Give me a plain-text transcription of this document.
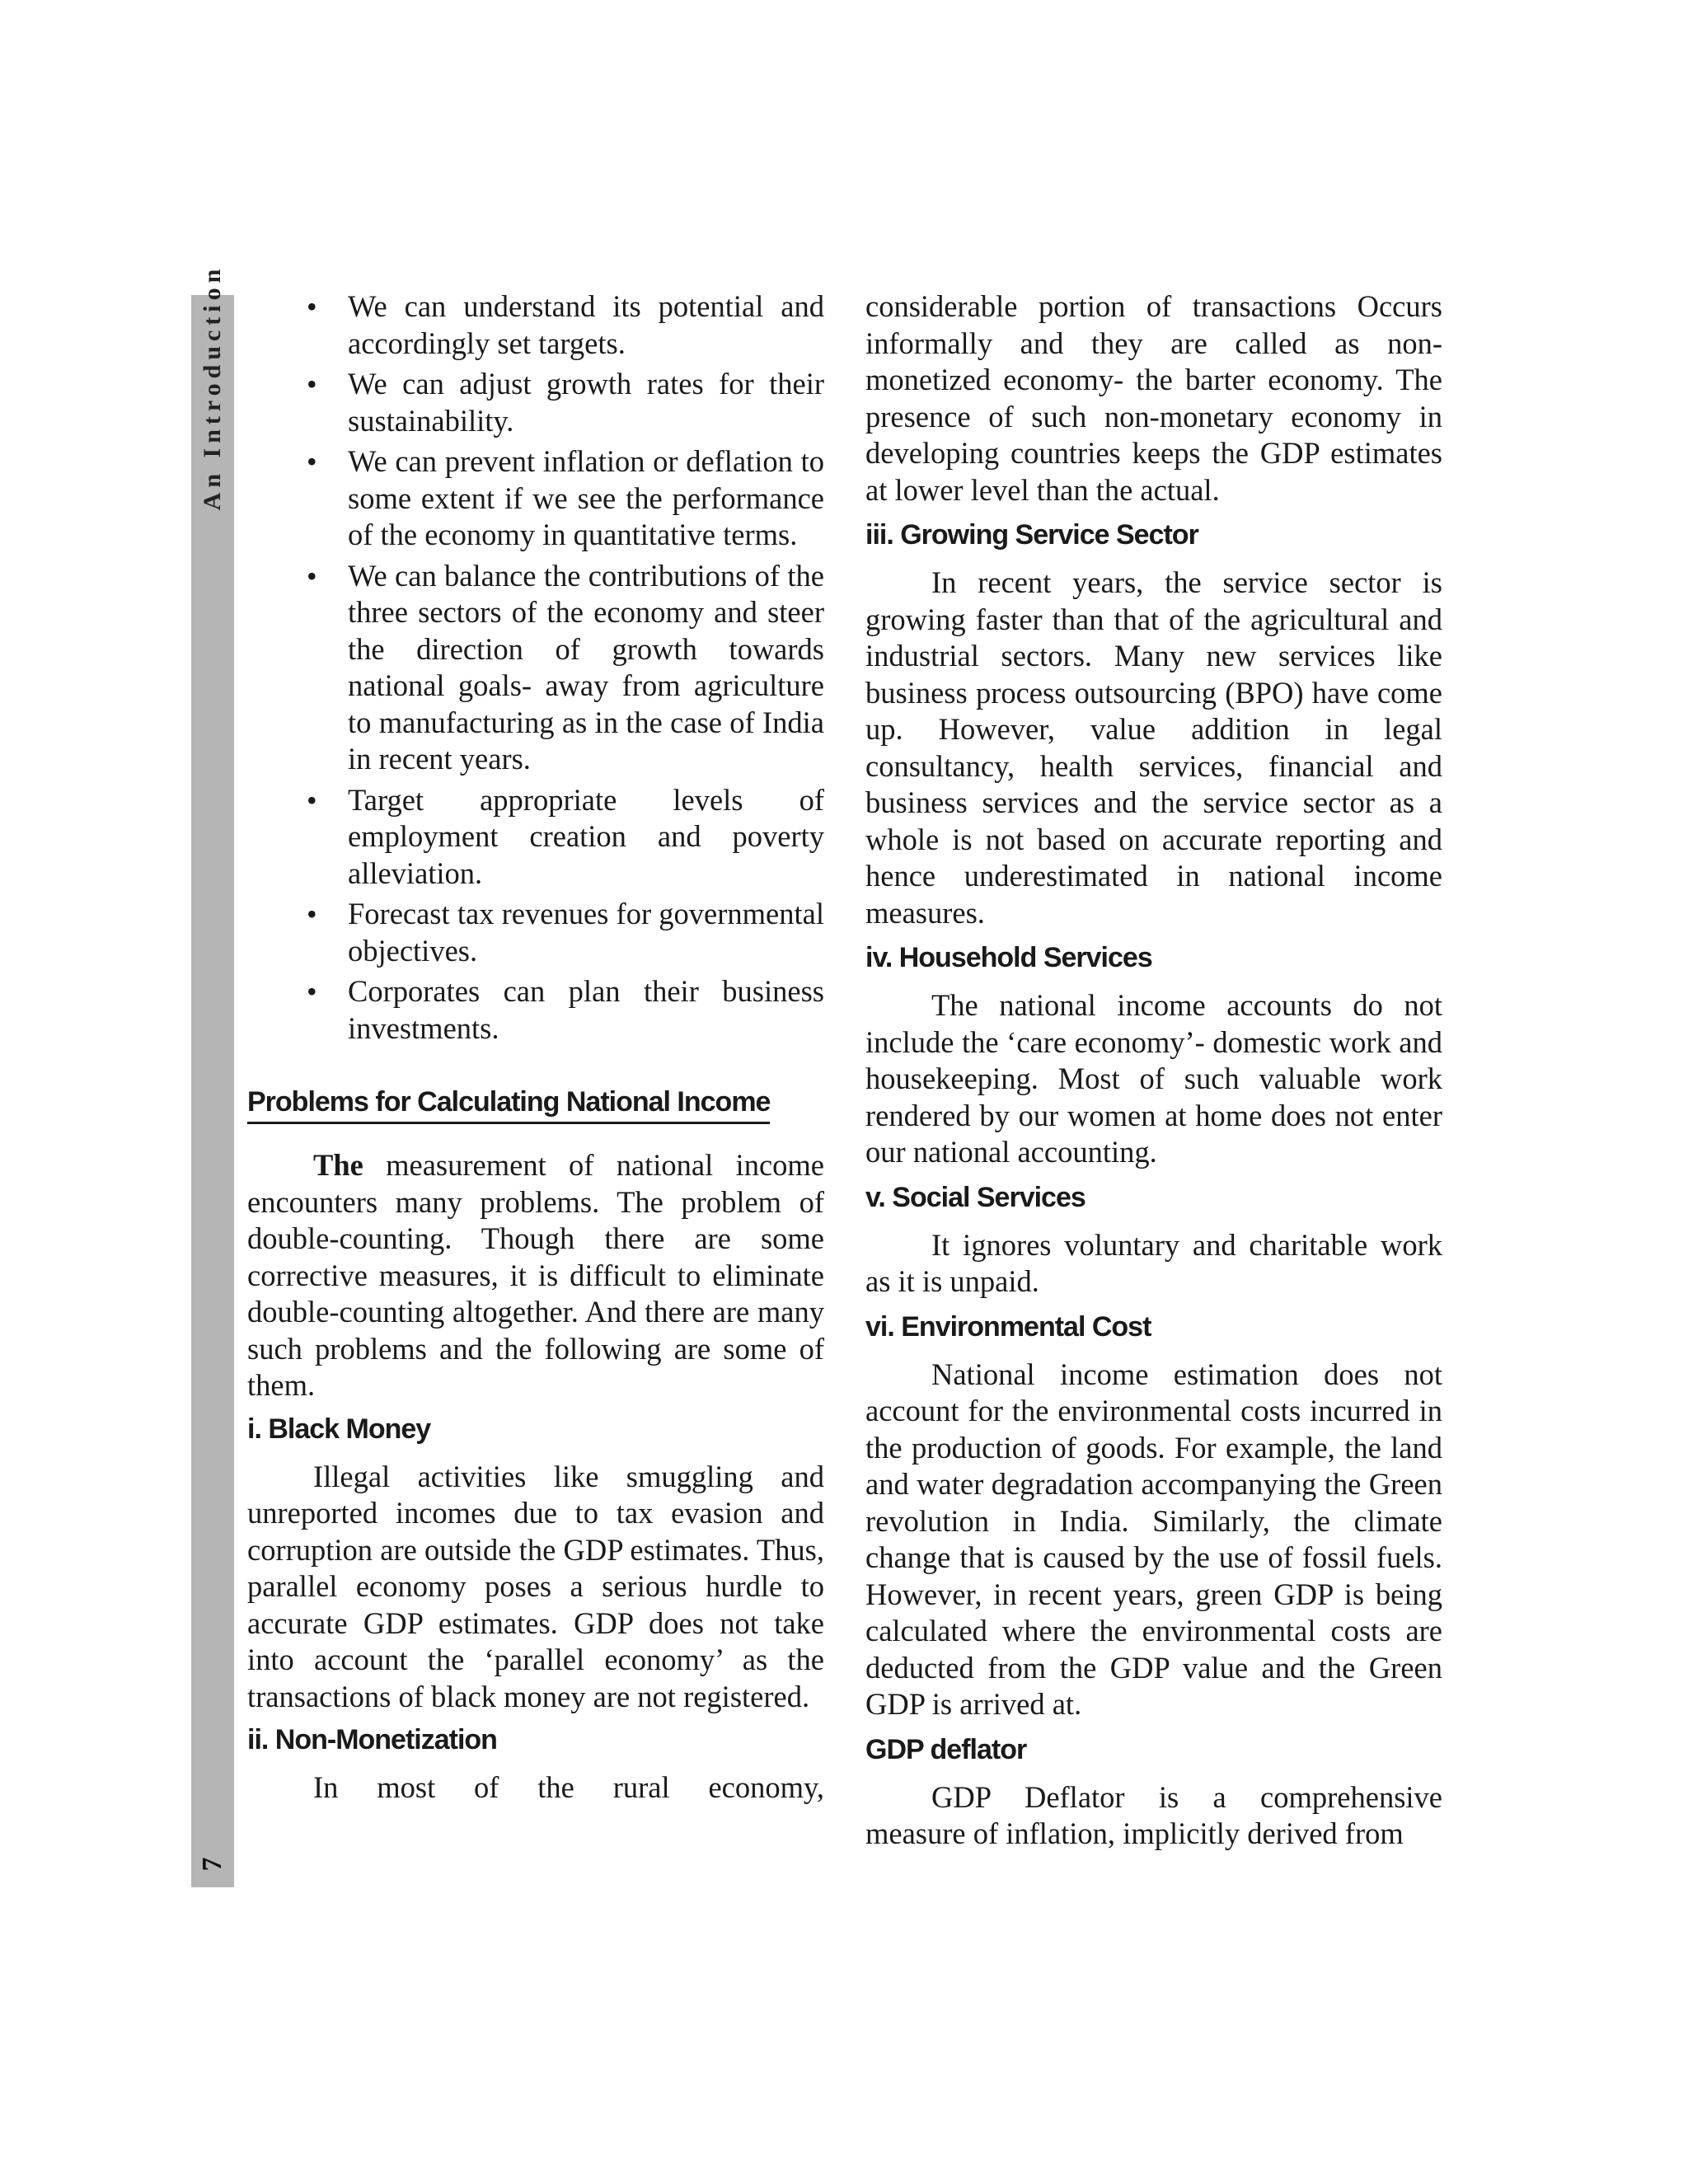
An Introduction
7
• We can understand its potential and accordingly set targets.
• We can adjust growth rates for their sustainability.
• We can prevent inflation or deflation to some extent if we see the performance of the economy in quantitative terms.
• We can balance the contributions of the three sectors of the economy and steer the direction of growth towards national goals- away from agriculture to manufacturing as in the case of India in recent years.
• Target appropriate levels of employment creation and poverty alleviation.
• Forecast tax revenues for governmental objectives.
• Corporates can plan their business investments.
Problems for Calculating National Income

The measurement of national income encounters many problems. The problem of double-counting. Though there are some corrective measures, it is difficult to eliminate double-counting altogether. And there are many such problems and the following are some of them.

i. Black Money

Illegal activities like smuggling and unreported incomes due to tax evasion and corruption are outside the GDP estimates. Thus, parallel economy poses a serious hurdle to accurate GDP estimates. GDP does not take into account the ‘parallel economy’ as the transactions of black money are not registered.

ii. Non-Monetization

In most of the rural economy,

considerable portion of transactions Occurs informally and they are called as non-monetized economy- the barter economy. The presence of such non-monetary economy in developing countries keeps the GDP estimates at lower level than the actual.

iii. Growing Service Sector

In recent years, the service sector is growing faster than that of the agricultural and industrial sectors. Many new services like business process outsourcing (BPO) have come up. However, value addition in legal consultancy, health services, financial and business services and the service sector as a whole is not based on accurate reporting and hence underestimated in national income measures.

iv. Household Services

The national income accounts do not include the ‘care economy’- domestic work and housekeeping. Most of such valuable work rendered by our women at home does not enter our national accounting.

v. Social Services

It ignores voluntary and charitable work as it is unpaid.

vi. Environmental Cost

National income estimation does not account for the environmental costs incurred in the production of goods. For example, the land and water degradation accompanying the Green revolution in India. Similarly, the climate change that is caused by the use of fossil fuels. However, in recent years, green GDP is being calculated where the environmental costs are deducted from the GDP value and the Green GDP is arrived at.

GDP deflator

GDP Deflator is a comprehensive measure of inflation, implicitly derived from
